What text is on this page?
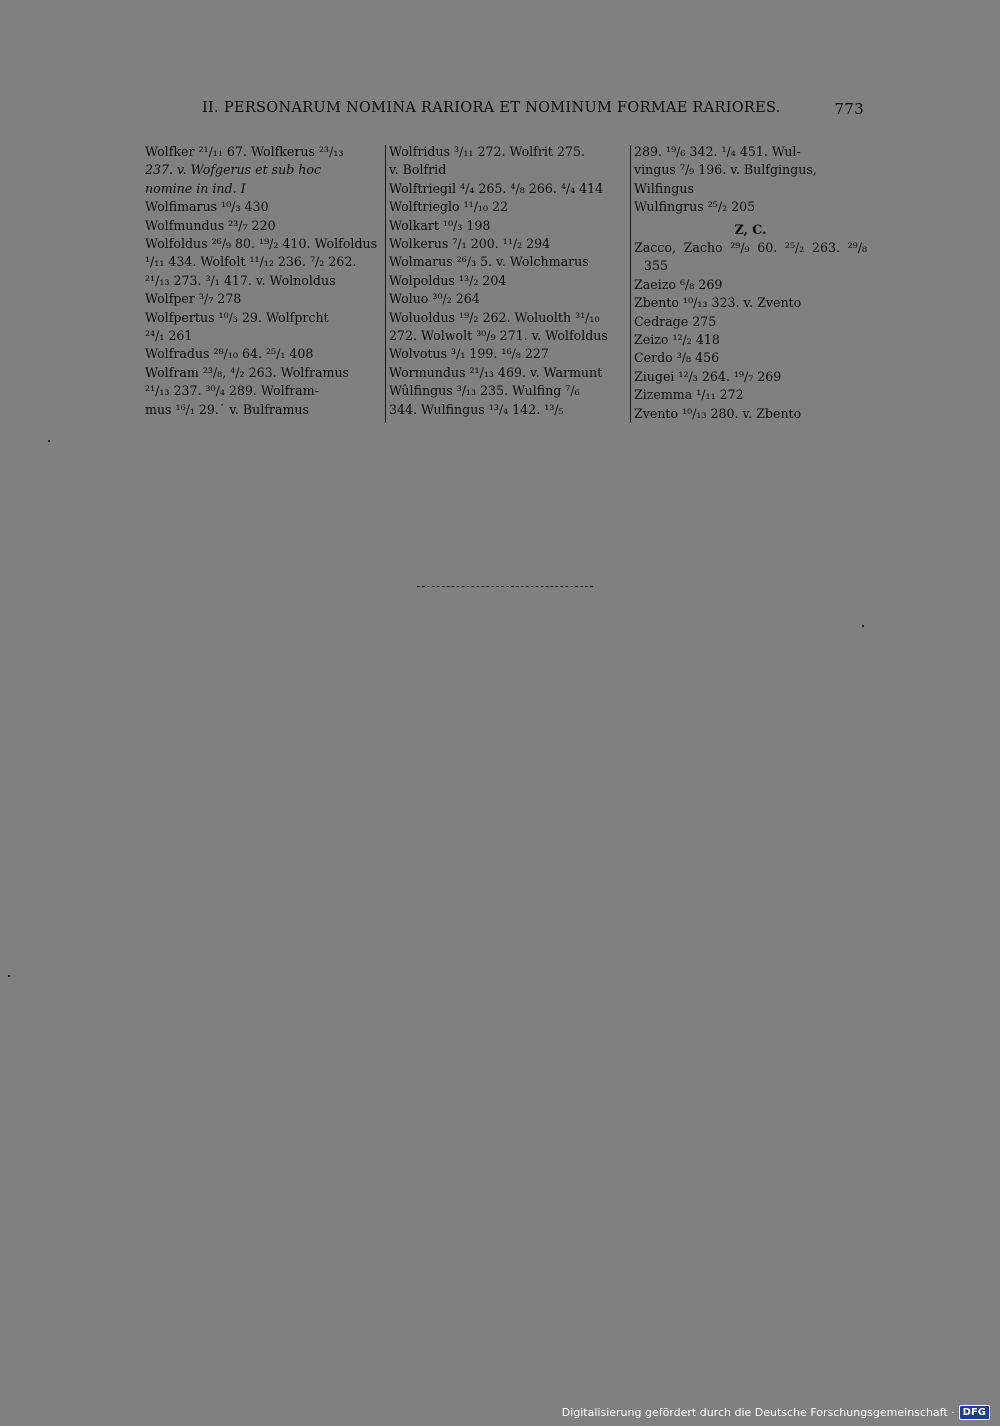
II. PERSONARUM NOMINA RARIORA ET NOMINUM FORMAE RARIORES.	773
Wolfker ²¹/₁₁ 67. Wolfkerus ²³/₁₃
237. v. Wofgerus et sub hoc
nomine in ind. I
Wolfimarus ¹⁰/₃ 430
Wolfmundus ²³/₇ 220
Wolfoldus ²⁶/₉ 80. ¹⁹/₂ 410. Wolfoldus
¹/₁₁ 434. Wolfolt ¹¹/₁₂ 236. ⁷/₂ 262.
²¹/₁₃ 273. ³/₁ 417. v. Wolnoldus
Wolfper ³/₇ 278
Wolfpertus ¹⁰/₃ 29. Wolfprcht
²⁴/₁ 261
Wolfradus ²⁸/₁₀ 64. ²⁵/₁ 408
Wolfram ²³/₈, ⁴/₂ 263. Wolframus
²¹/₁₃ 237. ³⁰/₄ 289. Wolfram-
mus ¹⁶/₁ 29.˙ v. Bulframus
Wolfridus ³/₁₁ 272. Wolfrit 275.
v. Bolfrid
Wolftriegil ⁴/₄ 265. ⁴/₈ 266. ⁴/₄ 414
Wolftrieglo ¹¹/₁₀ 22
Wolkart ¹⁰/₃ 198
Wolkerus ⁷/₁ 200. ¹¹/₂ 294
Wolmarus ²⁶/₃ 5. v. Wolchmarus
Wolpoldus ¹³/₂ 204
Woluo ³⁰/₂ 264
Woluoldus ¹⁹/₂ 262. Woluolth ³¹/₁₀
272. Wolwolt ³⁰/₉ 271. v. Wolfoldus
Wolvotus ³/₁ 199. ¹⁶/₈ 227
Wormundus ²¹/₁₃ 469. v. Warmunt
Wûlfingus ³/₁₃ 235. Wulfing ⁷/₆
344. Wulfingus ¹³/₄ 142. ¹³/₅
289. ¹⁹/₆ 342. ¹/₄ 451. Wul-
vingus ⁷/₉ 196. v. Bulfgingus,
Wilfingus
Wulfingrus ²⁵/₂ 205
Z, C.
Zacco, Zacho ²⁹/₉ 60. ²⁵/₂ 263. ²⁹/₈ 355
Zaeizo ⁶/₈ 269
Zbento ¹⁰/₁₃ 323. v. Zvento
Cedrage 275
Zeizo ¹²/₂ 418
Cerdo ³/₈ 456
Ziugei ¹²/₃ 264. ¹⁹/₇ 269
Zizemma ¹/₁₁ 272
Zvento ¹⁰/₁₃ 280. v. Zbento
Digitalisierung gefördert durch die Deutsche Forschungsgemeinschaft · DFG
